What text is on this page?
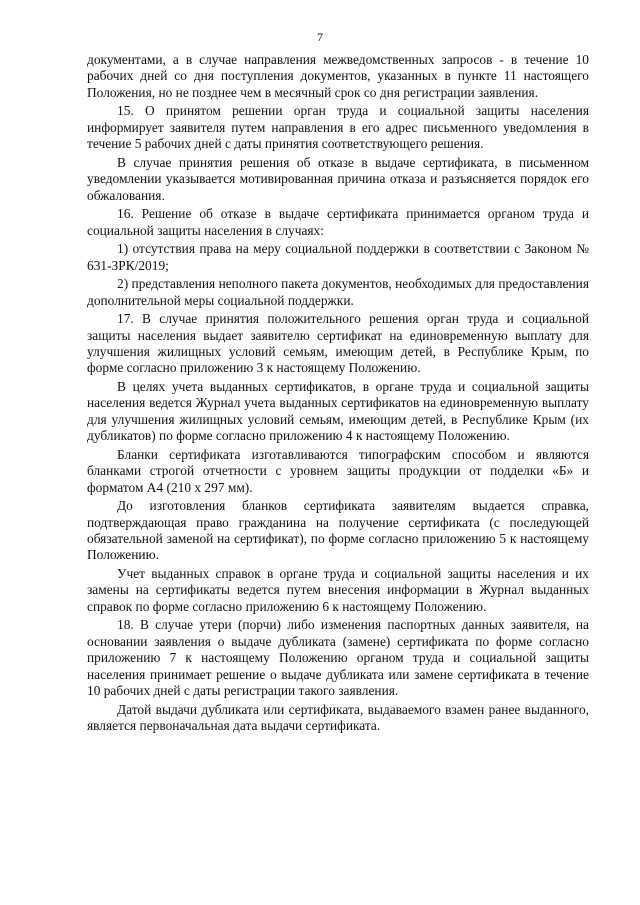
7

документами, а в случае направления межведомственных запросов - в течение 10 рабочих дней со дня поступления документов, указанных в пункте 11 настоящего Положения, но не позднее чем в месячный срок со дня регистрации заявления.

15. О принятом решении орган труда и социальной защиты населения информирует заявителя путем направления в его адрес письменного уведомления в течение 5 рабочих дней с даты принятия соответствующего решения.

В случае принятия решения об отказе в выдаче сертификата, в письменном уведомлении указывается мотивированная причина отказа и разъясняется порядок его обжалования.

16. Решение об отказе в выдаче сертификата принимается органом труда и социальной защиты населения в случаях:

1) отсутствия права на меру социальной поддержки в соответствии с Законом № 631-ЗРК/2019;

2) представления неполного пакета документов, необходимых для предоставления дополнительной меры социальной поддержки.

17. В случае принятия положительного решения орган труда и социальной защиты населения выдает заявителю сертификат на единовременную выплату для улучшения жилищных условий семьям, имеющим детей, в Республике Крым, по форме согласно приложению 3 к настоящему Положению.

В целях учета выданных сертификатов, в органе труда и социальной защиты населения ведется Журнал учета выданных сертификатов на единовременную выплату для улучшения жилищных условий семьям, имеющим детей, в Республике Крым (их дубликатов) по форме согласно приложению 4 к настоящему Положению.

Бланки сертификата изготавливаются типографским способом и являются бланками строгой отчетности с уровнем защиты продукции от подделки «Б» и форматом А4 (210 x 297 мм).

До изготовления бланков сертификата заявителям выдается справка, подтверждающая право гражданина на получение сертификата (с последующей обязательной заменой на сертификат), по форме согласно приложению 5 к настоящему Положению.

Учет выданных справок в органе труда и социальной защиты населения и их замены на сертификаты ведется путем внесения информации в Журнал выданных справок по форме согласно приложению 6 к настоящему Положению.

18. В случае утери (порчи) либо изменения паспортных данных заявителя, на основании заявления о выдаче дубликата (замене) сертификата по форме согласно приложению 7 к настоящему Положению органом труда и социальной защиты населения принимает решение о выдаче дубликата или замене сертификата в течение 10 рабочих дней с даты регистрации такого заявления.

Датой выдачи дубликата или сертификата, выдаваемого взамен ранее выданного, является первоначальная дата выдачи сертификата.
